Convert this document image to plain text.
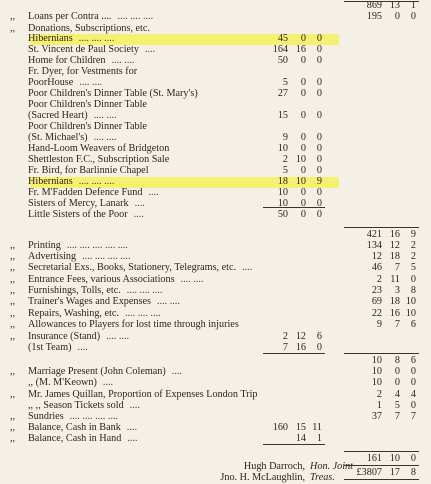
869 13 1
,,	Loans per Contra ....	195 0 0
.... .... ....
,,	Donations, Subscriptions, etc.
Hibernians	45 0 0
.... .... ....
St. Vincent de Paul Society	164 16 0
....
Home for Children	50 0 0
.... ....
Fr. Dyer, for Vestments for
PoorHouse	5 0 0
.... ....
Poor Children's Dinner Table (St. Mary's)	27 0 0
Poor Children's Dinner Table
(Sacred Heart)	15 0 0
.... ....
Poor Children's Dinner Table
(St. Michael's)	9 0 0
.... ....
Hand-Loom Weavers of Bridgeton	10 0 0
Shettleston F.C., Subscription Sale	2 10 0
Fr. Bird, for Barlinnie Chapel	5 0 0
Hibernians	18 10 9
.... .... ....
Fr. M'Fadden Defence Fund	10 0 0
....
Sisters of Mercy, Lanark	10 0 0
....
Little Sisters of the Poor	50 0 0
....
421 16 9
,,	Printing	134 12 2
.... .... .... .... ....
,,	Advertising	12 18 2
.... .... .... ....
,,	Secretarial Exs., Books, Stationery, Telegrams, etc.	46 7 5
....
,,	Entrance Fees, various Associations	2 11 0
.... ....
,,	Furnishings, Tolls, etc.	23 3 8
.... .... ....
,,	Trainer's Wages and Expenses	69 18 10
.... ....
,,	Repairs, Washing, etc.	22 16 10
.... .... ....
,,	Allowances to Players for lost time through injuries	9 7 6
,,	Insurance (Stand)	2 12 6
.... ....
(1st Team)	7 16 0
....
10 8 6
,,	Marriage Present (John Coleman)	10 0 0
....
,, (M. M'Keown)	10 0 0
....
,,	Mr. James Quillan, Proportion of Expenses London Trip	2 4 4
,, ,, Season Tickets sold	1 5 0
....
,,	Sundries	37 7 7
.... .... .... ....
,,	Balance, Cash in Bank	160 15 11
....
,,	Balance, Cash in Hand	14 1
....
161 10 0
£3807 17 8
Hugh Darroch, Hon. Joint
Jno. H. McLaughlin, Treas.
